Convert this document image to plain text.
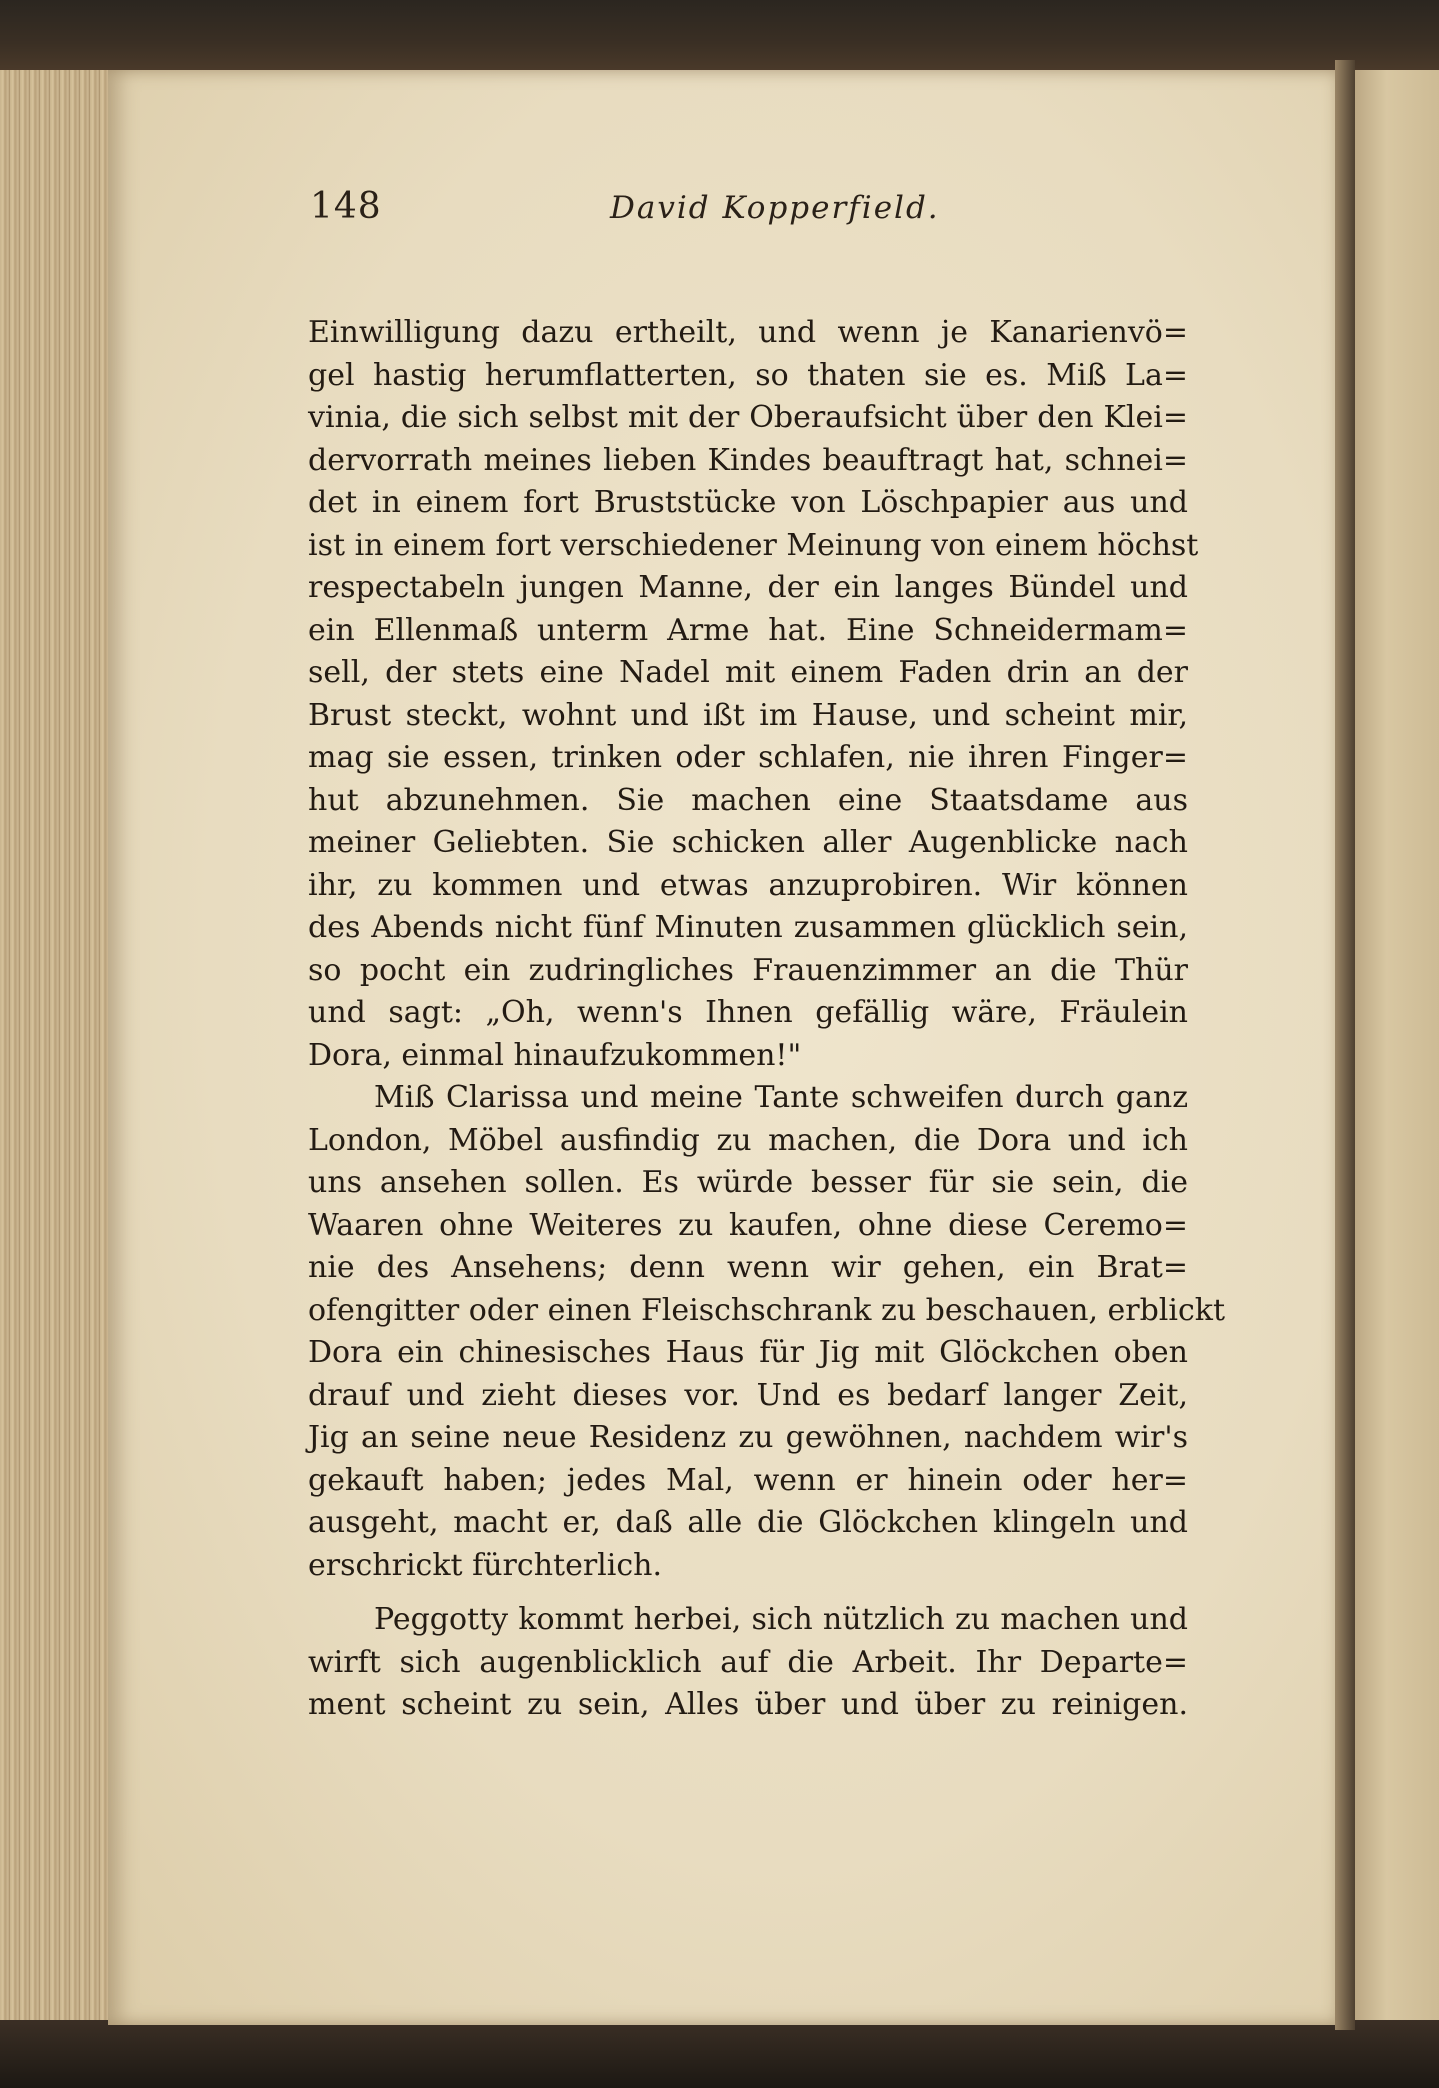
148	David Kopperfield.
Einwilligung dazu ertheilt, und wenn je Kanarienvö=
gel hastig herumflatterten, so thaten sie es. Miß La=
vinia, die sich selbst mit der Oberaufsicht über den Klei=
dervorrath meines lieben Kindes beauftragt hat, schnei=
det in einem fort Bruststücke von Löschpapier aus und
ist in einem fort verschiedener Meinung von einem höchst
respectabeln jungen Manne, der ein langes Bündel und
ein Ellenmaß unterm Arme hat. Eine Schneidermam=
sell, der stets eine Nadel mit einem Faden drin an der
Brust steckt, wohnt und ißt im Hause, und scheint mir,
mag sie essen, trinken oder schlafen, nie ihren Finger=
hut abzunehmen. Sie machen eine Staatsdame aus
meiner Geliebten. Sie schicken aller Augenblicke nach
ihr, zu kommen und etwas anzuprobiren. Wir können
des Abends nicht fünf Minuten zusammen glücklich sein,
so pocht ein zudringliches Frauenzimmer an die Thür
und sagt: „Oh, wenn's Ihnen gefällig wäre, Fräulein
Dora, einmal hinaufzukommen!"
Miß Clarissa und meine Tante schweifen durch ganz
London, Möbel ausfindig zu machen, die Dora und ich
uns ansehen sollen. Es würde besser für sie sein, die
Waaren ohne Weiteres zu kaufen, ohne diese Ceremo=
nie des Ansehens; denn wenn wir gehen, ein Brat=
ofengitter oder einen Fleischschrank zu beschauen, erblickt
Dora ein chinesisches Haus für Jig mit Glöckchen oben
drauf und zieht dieses vor. Und es bedarf langer Zeit,
Jig an seine neue Residenz zu gewöhnen, nachdem wir's
gekauft haben; jedes Mal, wenn er hinein oder her=
ausgeht, macht er, daß alle die Glöckchen klingeln und
erschrickt fürchterlich.
Peggotty kommt herbei, sich nützlich zu machen und
wirft sich augenblicklich auf die Arbeit. Ihr Departe=
ment scheint zu sein, Alles über und über zu reinigen.
